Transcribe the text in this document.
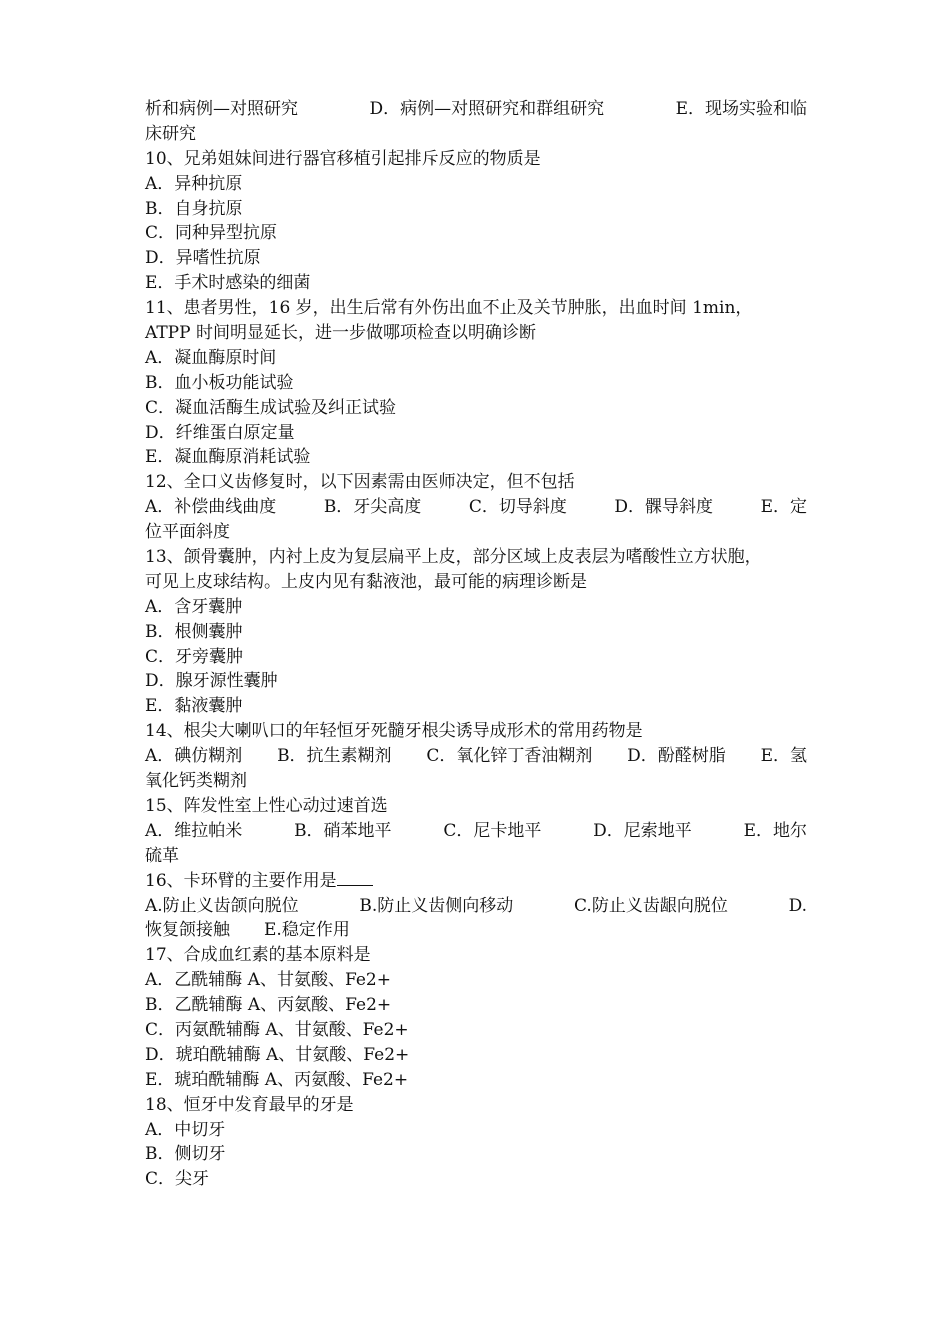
析和病例—对照研究	D．病例—对照研究和群组研究	E．现场实验和临
床研究
10、兄弟姐妹间进行器官移植引起排斥反应的物质是
A．异种抗原
B．自身抗原
C．同种异型抗原
D．异嗜性抗原
E．手术时感染的细菌
11、患者男性，16 岁，出生后常有外伤出血不止及关节肿胀，出血时间 1min，
ATPP 时间明显延长，进一步做哪项检查以明确诊断
A．凝血酶原时间
B．血小板功能试验
C．凝血活酶生成试验及纠正试验
D．纤维蛋白原定量
E．凝血酶原消耗试验
12、全口义齿修复时，以下因素需由医师决定，但不包括
A．补偿曲线曲度	B．牙尖高度	C．切导斜度	D．髁导斜度	E．定
位平面斜度
13、颌骨囊肿，内衬上皮为复层扁平上皮，部分区域上皮表层为嗜酸性立方状胞，
可见上皮球结构。上皮内见有黏液池，最可能的病理诊断是
A．含牙囊肿
B．根侧囊肿
C．牙旁囊肿
D．腺牙源性囊肿
E．黏液囊肿
14、根尖大喇叭口的年轻恒牙死髓牙根尖诱导成形术的常用药物是
A．碘仿糊剂 B．抗生素糊剂 C．氧化锌丁香油糊剂 D．酚醛树脂 E．氢
氧化钙类糊剂
15、阵发性室上性心动过速首选
A．维拉帕米	B．硝苯地平	C．尼卡地平	D．尼索地平	E．地尔
硫革
16、卡环臂的主要作用是
A.防止义齿颌向脱位	B.防止义齿侧向移动	C.防止义齿龈向脱位	D.
恢复颌接触　　E.稳定作用
17、合成血红素的基本原料是
A．乙酰辅酶 A、甘氨酸、Fe2+
B．乙酰辅酶 A、丙氨酸、Fe2+
C．丙氨酰辅酶 A、甘氨酸、Fe2+
D．琥珀酰辅酶 A、甘氨酸、Fe2+
E．琥珀酰辅酶 A、丙氨酸、Fe2+
18、恒牙中发育最早的牙是
A．中切牙
B．侧切牙
C．尖牙
